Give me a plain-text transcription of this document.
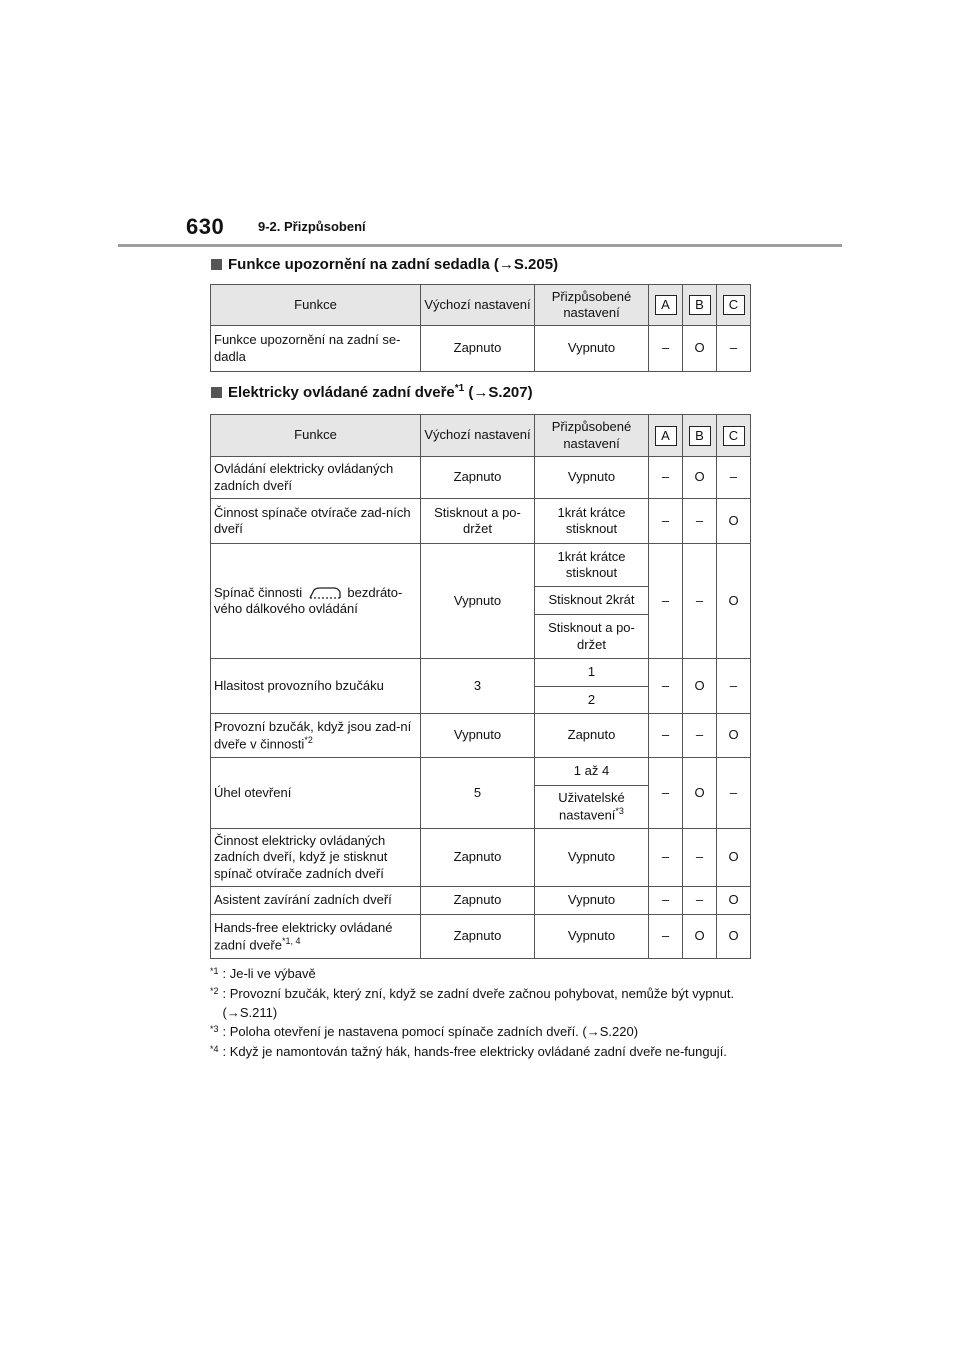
630	9-2. Přizpůsobení
Funkce upozornění na zadní sedadla (→S.205)
Funkce	Výchozí nastavení	Přizpůsobené nastavení	A	B	C
Funkce upozornění na zadní se-dadla	Zapnuto	Vypnuto	–	O	–
Elektricky ovládané zadní dveře$^{*1}$ (→S.207)
Funkce	Výchozí nastavení	Přizpůsobené nastavení	A	B	C
Ovládání elektricky ovládaných zadních dveří	Zapnuto	Vypnuto	–	O	–
Činnost spínače otvírače zad-ních dveří	Stisknout a po-držet	1krát krátce stisknout	–	–	O
Spínač činnosti bezdráto-vého dálkového ovládání	Vypnuto	1krát krátce stisknout	–	–	O
		Stisknout 2krát			
		Stisknout a po-držet			
Hlasitost provozního bzučáku	3	1	–	O	–
		2			
Provozní bzučák, když jsou zad-ní dveře v činnosti$^{*2}$	Vypnuto	Zapnuto	–	–	O
Úhel otevření	5	1 až 4	–	O	–
		Uživatelské nastavení$^{*3}$
Činnost elektricky ovládaných zadních dveří, když je stisknut spínač otvírače zadních dveří	Zapnuto	Vypnuto	–	–	O
Asistent zavírání zadních dveří	Zapnuto	Vypnuto	–	–	O
Hands-free elektricky ovládané zadní dveře$^{*1, 4}$	Zapnuto	Vypnuto	–	O	O
$^{*1}$ : Je-li ve výbavě
$^{*2}$ : Provozní bzučák, který zní, když se zadní dveře začnou pohybovat, nemůže být vypnut. (→S.211)
$^{*3}$ : Poloha otevření je nastavena pomocí spínače zadních dveří. (→S.220)
$^{*4}$ : Když je namontován tažný hák, hands-free elektricky ovládané zadní dveře ne-fungují.
